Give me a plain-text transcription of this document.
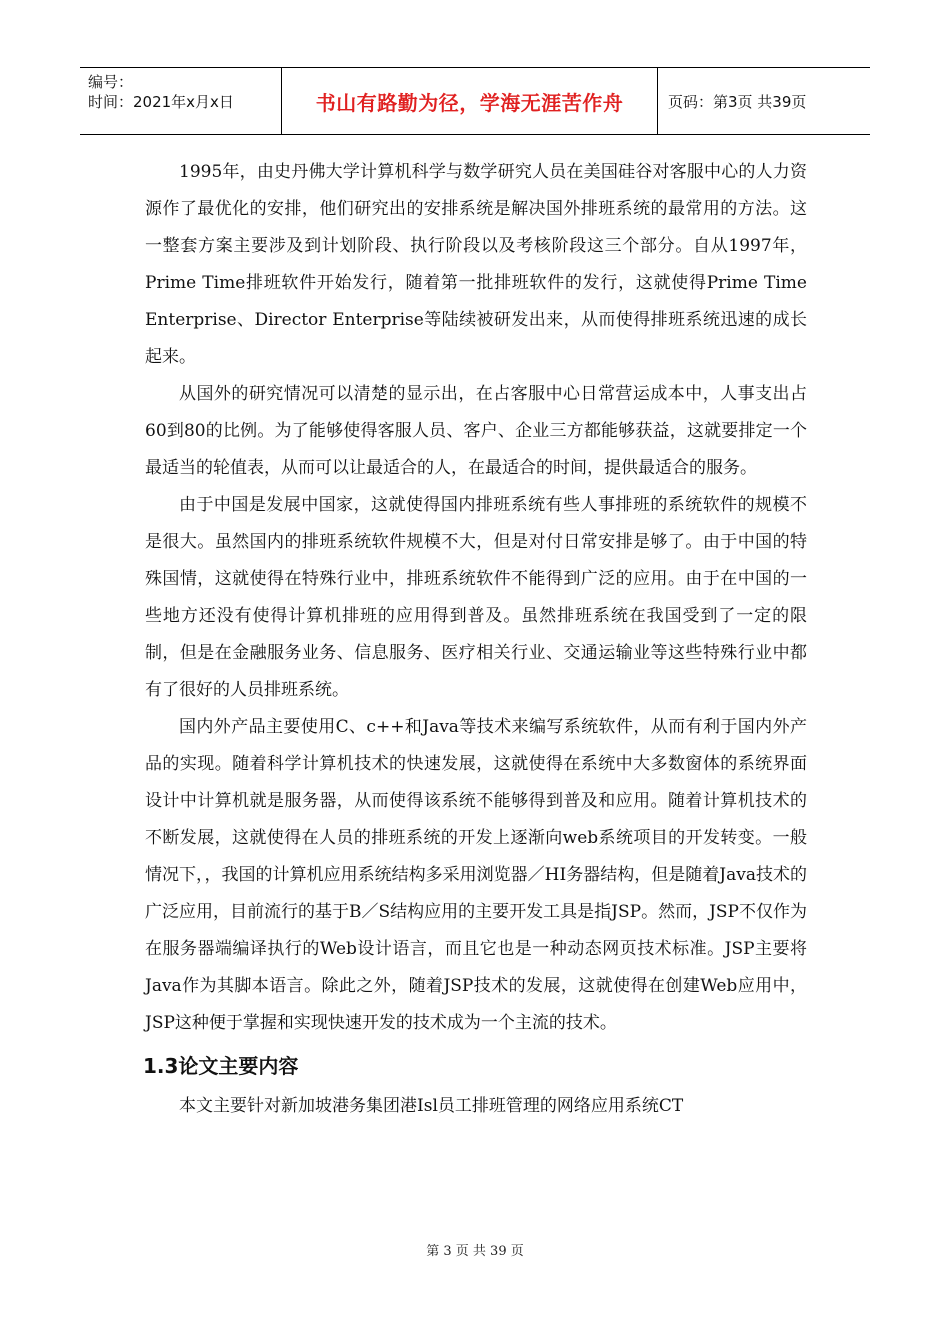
编号：
时间：2021年x月x日	书山有路勤为径，学海无涯苦作舟	页码：第3页 共39页

1995年，由史丹佛大学计算机科学与数学研究人员在美国硅谷对客服中心的人力资源作了最优化的安排，他们研究出的安排系统是解决国外排班系统的最常用的方法。这一整套方案主要涉及到计划阶段、执行阶段以及考核阶段这三个部分。自从1997年，Prime Time排班软件开始发行，随着第一批排班软件的发行，这就使得Prime Time　Enterprise、Director Enterprise等陆续被研发出来，从而使得排班系统迅速的成长起来。

从国外的研究情况可以清楚的显示出，在占客服中心日常营运成本中，人事支出占60到80的比例。为了能够使得客服人员、客户、企业三方都能够获益，这就要排定一个最适当的轮值表，从而可以让最适合的人，在最适合的时间，提供最适合的服务。

由于中国是发展中国家，这就使得国内排班系统有些人事排班的系统软件的规模不是很大。虽然国内的排班系统软件规模不大，但是对付日常安排是够了。由于中国的特殊国情，这就使得在特殊行业中，排班系统软件不能得到广泛的应用。由于在中国的一些地方还没有使得计算机排班的应用得到普及。虽然排班系统在我国受到了一定的限制，但是在金融服务业务、信息服务、医疗相关行业、交通运输业等这些特殊行业中都有了很好的人员排班系统。

国内外产品主要使用C、c++和Java等技术来编写系统软件，从而有利于国内外产品的实现。随着科学计算机技术的快速发展，这就使得在系统中大多数窗体的系统界面设计中计算机就是服务器，从而使得该系统不能够得到普及和应用。随着计算机技术的不断发展，这就使得在人员的排班系统的开发上逐渐向web系统项目的开发转变。一般情况下，，我国的计算机应用系统结构多采用浏览器／HI务器结构，但是随着Java技术的广泛应用，目前流行的基于B／S结构应用的主要开发工具是指JSP。然而，JSP不仅作为在服务器端编译执行的Web设计语言，而且它也是一种动态网页技术标准。JSP主要将Java作为其脚本语言。除此之外，随着JSP技术的发展，这就使得在创建Web应用中，JSP这种便于掌握和实现快速开发的技术成为一个主流的技术。

1.3论文主要内容

本文主要针对新加坡港务集团港Isl员工排班管理的网络应用系统CT

第 3 页 共 39 页
